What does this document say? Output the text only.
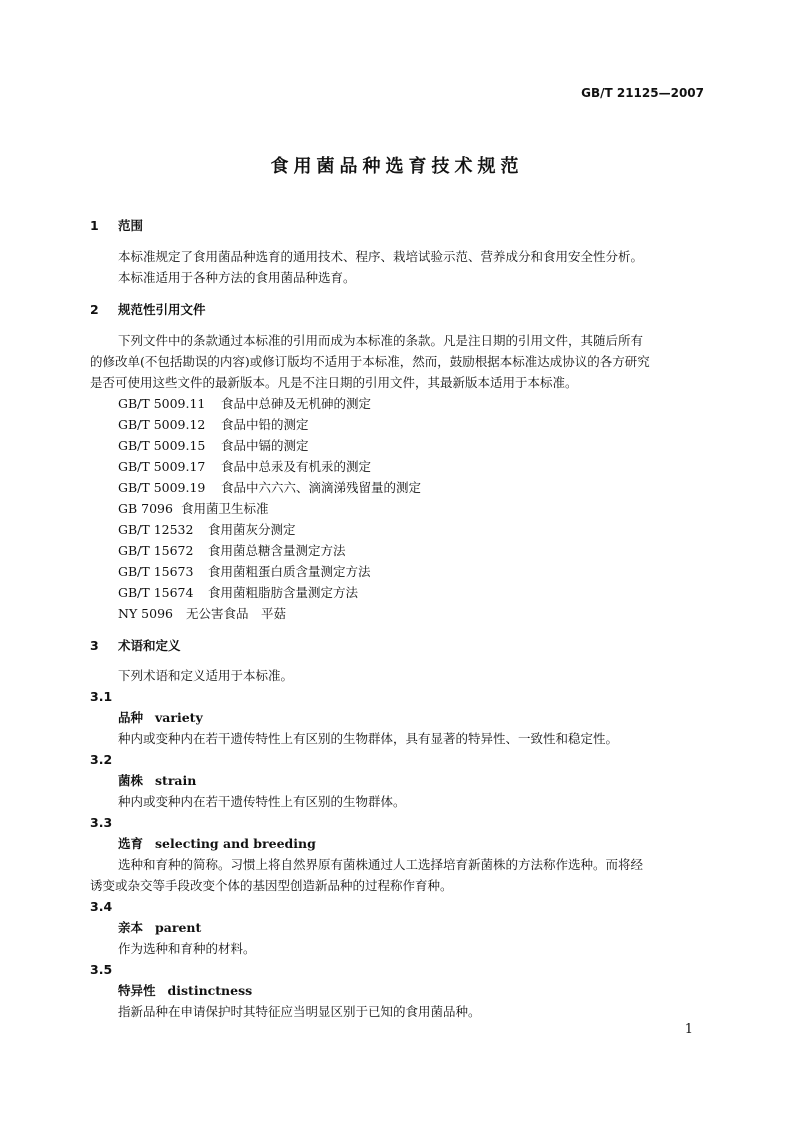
GB/T 21125—2007
食用菌品种选育技术规范
1 范围
本标准规定了食用菌品种选育的通用技术、程序、栽培试验示范、营养成分和食用安全性分析。
本标准适用于各种方法的食用菌品种选育。
2 规范性引用文件
下列文件中的条款通过本标准的引用而成为本标准的条款。凡是注日期的引用文件，其随后所有
的修改单(不包括勘误的内容)或修订版均不适用于本标准，然而，鼓励根据本标准达成协议的各方研究
是否可使用这些文件的最新版本。凡是不注日期的引用文件，其最新版本适用于本标准。
GB/T 5009.11 食品中总砷及无机砷的测定
GB/T 5009.12 食品中铅的测定
GB/T 5009.15 食品中镉的测定
GB/T 5009.17 食品中总汞及有机汞的测定
GB/T 5009.19 食品中六六六、滴滴涕残留量的测定
GB 7096 食用菌卫生标准
GB/T 12532 食用菌灰分测定
GB/T 15672 食用菌总糖含量测定方法
GB/T 15673 食用菌粗蛋白质含量测定方法
GB/T 15674 食用菌粗脂肪含量测定方法
NY 5096 无公害食品　平菇
3 术语和定义
下列术语和定义适用于本标准。
3.1
品种 variety
种内或变种内在若干遗传特性上有区别的生物群体，具有显著的特异性、一致性和稳定性。
3.2
菌株 strain
种内或变种内在若干遗传特性上有区别的生物群体。
3.3
选育 selecting and breeding
选种和育种的简称。习惯上将自然界原有菌株通过人工选择培育新菌株的方法称作选种。而将经
诱变或杂交等手段改变个体的基因型创造新品种的过程称作育种。
3.4
亲本 parent
作为选种和育种的材料。
3.5
特异性 distinctness
指新品种在申请保护时其特征应当明显区别于已知的食用菌品种。
1
